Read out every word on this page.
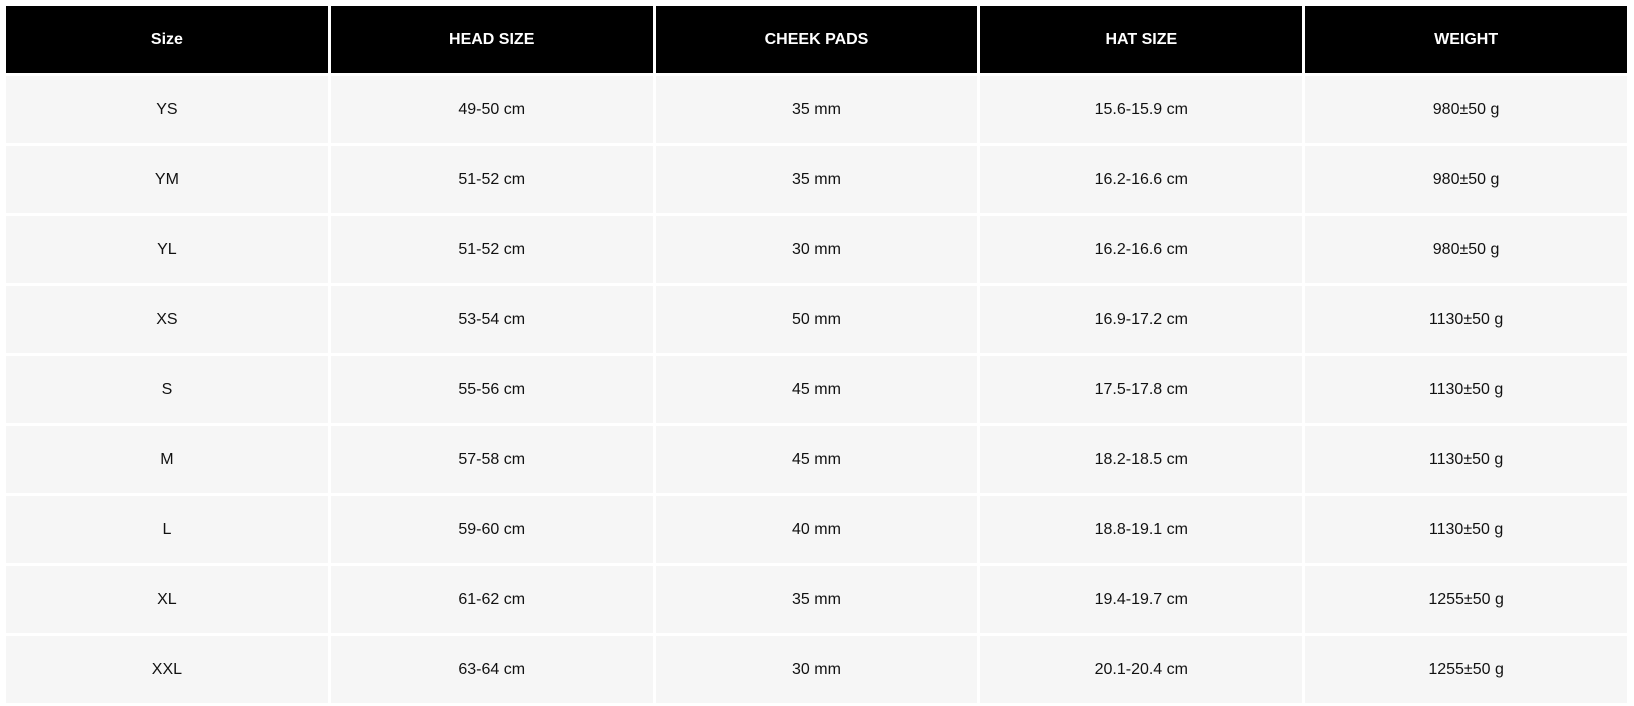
Size	HEAD SIZE	CHEEK PADS	HAT SIZE	WEIGHT
YS	49-50 cm	35 mm	15.6-15.9 cm	980±50 g
YM	51-52 cm	35 mm	16.2-16.6 cm	980±50 g
YL	51-52 cm	30 mm	16.2-16.6 cm	980±50 g
XS	53-54 cm	50 mm	16.9-17.2 cm	1130±50 g
S	55-56 cm	45 mm	17.5-17.8 cm	1130±50 g
M	57-58 cm	45 mm	18.2-18.5 cm	1130±50 g
L	59-60 cm	40 mm	18.8-19.1 cm	1130±50 g
XL	61-62 cm	35 mm	19.4-19.7 cm	1255±50 g
XXL	63-64 cm	30 mm	20.1-20.4 cm	1255±50 g
